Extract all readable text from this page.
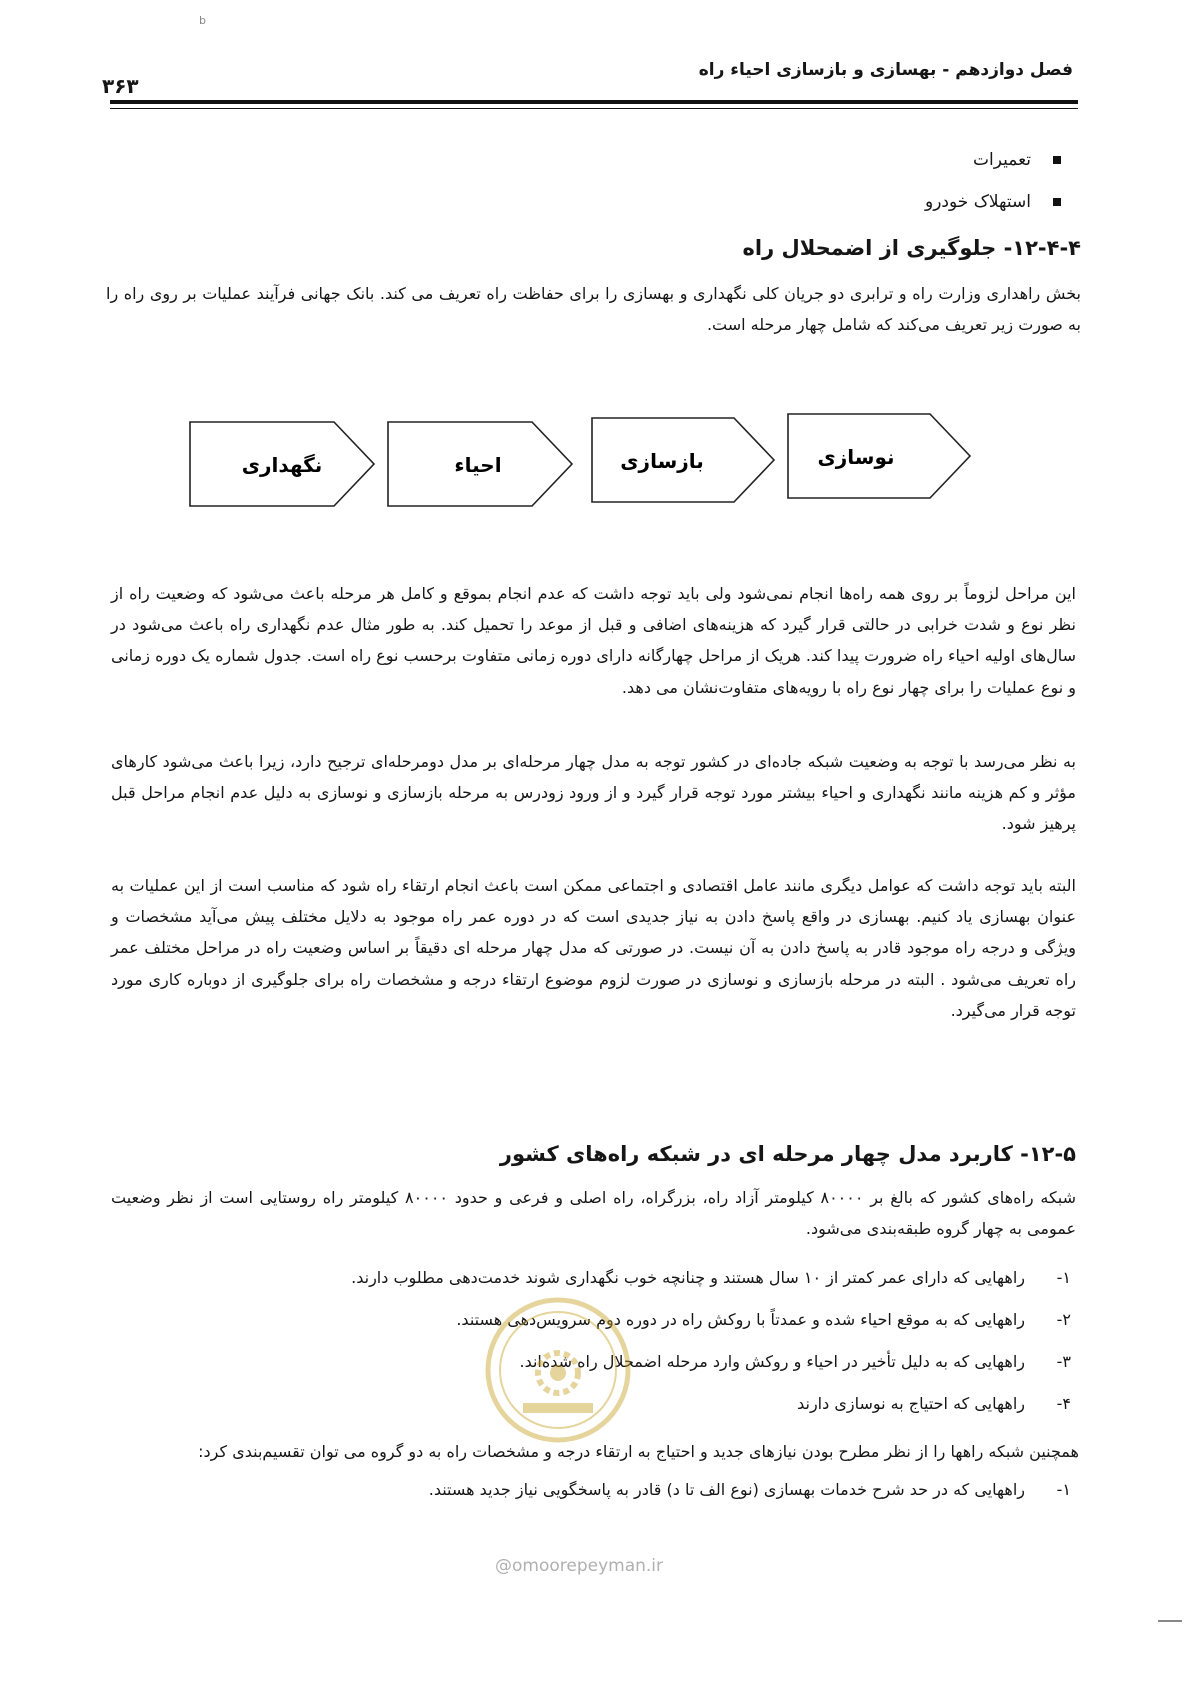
b
فصل دوازدهم - بهسازی و بازسازی احیاء راه
۳۶۳
تعمیرات
استهلاک خودرو
۱۲-۴-۴- جلوگیری از اضمحلال راه
بخش راهداری وزارت راه و ترابری دو جریان کلی نگهداری و بهسازی را برای حفاظت راه تعریف می کند. بانک جهانی فرآیند عملیات بر روی راه را به صورت زیر تعریف می‌کند که شامل چهار مرحله است.
نوسازی
بازسازی
احیاء
نگهداری
این مراحل لزوماً بر روی همه راه‌ها انجام نمی‌شود ولی باید توجه داشت که عدم انجام بموقع و کامل هر مرحله باعث می‌شود که وضعیت راه از نظر نوع و شدت خرابی در حالتی قرار گیرد که هزینه‌های اضافی و قبل از موعد را تحمیل کند. به طور مثال عدم نگهداری راه باعث می‌شود در سال‌های اولیه احیاء راه ضرورت پیدا کند. هریک از مراحل چهارگانه دارای دوره زمانی متفاوت برحسب نوع راه است. جدول شماره یک دوره زمانی و نوع عملیات را برای چهار نوع راه با رویه‌های متفاوت‌نشان می دهد.
به نظر می‌رسد با توجه به وضعیت شبکه جاده‌ای در کشور توجه به مدل چهار مرحله‌ای بر مدل دومرحله‌ای ترجیح دارد، زیرا باعث می‌شود کارهای مؤثر و کم هزینه مانند نگهداری و احیاء بیشتر مورد توجه قرار گیرد و از ورود زودرس به مرحله بازسازی و نوسازی به دلیل عدم انجام مراحل قبل پرهیز شود.
البته باید توجه داشت که عوامل دیگری مانند عامل اقتصادی و اجتماعی ممکن است باعث انجام ارتقاء راه شود که مناسب است از این عملیات به عنوان بهسازی یاد کنیم. بهسازی در واقع پاسخ دادن به نیاز جدیدی است که در دوره عمر راه موجود به دلایل مختلف پیش می‌آید مشخصات و ویژگی و درجه راه موجود قادر به پاسخ دادن به آن نیست. در صورتی که مدل چهار مرحله ای دقیقاً بر اساس وضعیت راه در مراحل مختلف عمر راه تعریف می‌شود . البته در مرحله بازسازی و نوسازی در صورت لزوم موضوع ارتقاء درجه و مشخصات راه برای جلوگیری از دوباره کاری مورد توجه قرار می‌گیرد.
۱۲-۵- کاربرد مدل چهار مرحله ای در شبکه راه‌های کشور
شبکه راه‌های کشور که بالغ بر ۸۰۰۰۰ کیلومتر آزاد راه، بزرگراه، راه اصلی و فرعی و حدود ۸۰۰۰۰ کیلومتر راه روستایی است از نظر وضعیت عمومی به چهار گروه طبقه‌بندی می‌شود.
۱-راههایی که دارای عمر کمتر از ۱۰ سال هستند و چنانچه خوب نگهداری شوند خدمت‌دهی مطلوب دارند.
۲-راههایی که به موقع احیاء شده و عمدتاً با روکش راه در دوره دوم سرویس‌دهی هستند.
۳-راههایی که به دلیل تأخیر در احیاء و روکش وارد مرحله اضمحلال راه شده‌اند.
۴-راههایی که احتیاج به نوسازی دارند
همچنین شبکه راهها را از نظر مطرح بودن نیازهای جدید و احتیاج به ارتقاء درجه و مشخصات راه به دو گروه می توان تقسیم‌بندی کرد:
۱-راههایی که در حد شرح خدمات بهسازی (نوع الف تا د) قادر به پاسخگویی نیاز جدید هستند.
@omoorepeyman.ir
